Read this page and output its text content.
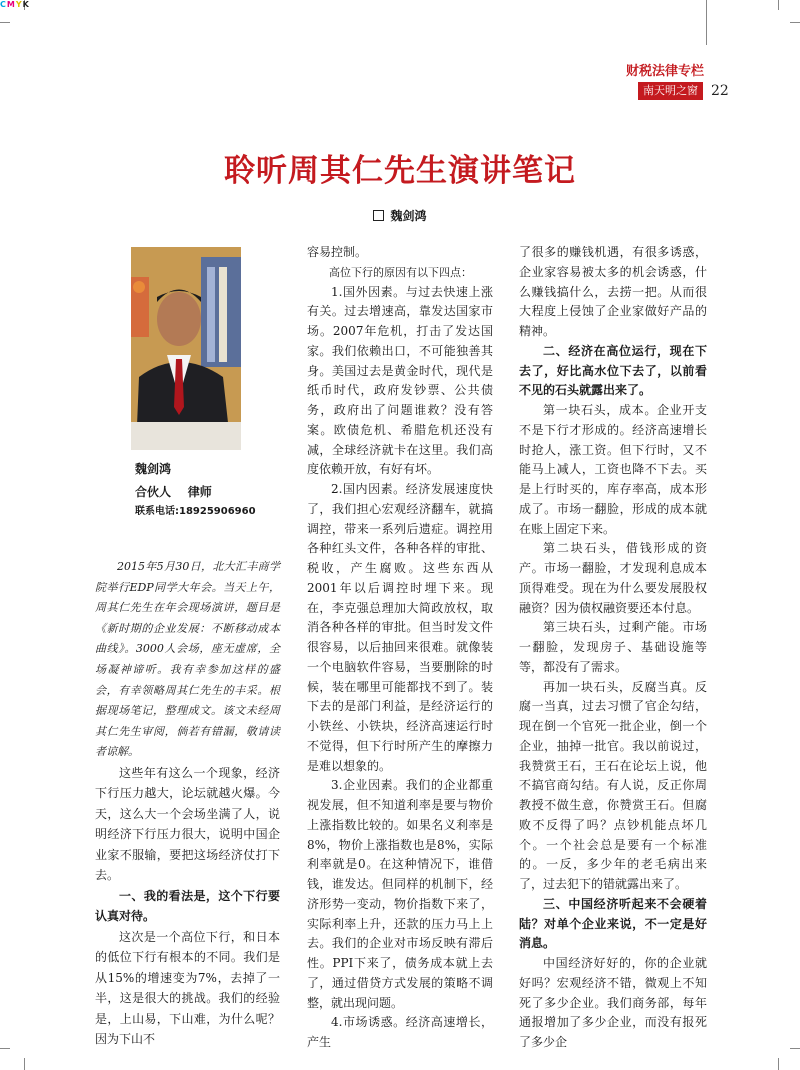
CMYK
财税法律专栏
南天明之窗 22
聆听周其仁先生演讲笔记
魏剑鸿
魏剑鸿
合伙人    律师
联系电话:18925906960

2015年5月30日，北大汇丰商学院举行EDP同学大年会。当天上午，周其仁先生在年会现场演讲，题目是《新时期的企业发展：不断移动成本曲线》。3000人会场，座无虚席，全场凝神谛听。我有幸参加这样的盛会，有幸领略周其仁先生的丰采。根据现场笔记，整理成文。该文未经周其仁先生审阅，倘若有错漏，敬请读者谅解。

这些年有这么一个现象，经济下行压力越大，论坛就越火爆。今天，这么大一个会场坐满了人，说明经济下行压力很大，说明中国企业家不服输，要把这场经济仗打下去。

一、我的看法是，这个下行要认真对待。

这次是一个高位下行，和日本的低位下行有根本的不同。我们是从15%的增速变为7%，去掉了一半，这是很大的挑战。我们的经验是，上山易，下山难，为什么呢？因为下山不

容易控制。

高位下行的原因有以下四点：

1.国外因素。与过去快速上涨有关。过去增速高，靠发达国家市场。2007年危机，打击了发达国家。我们依赖出口，不可能独善其身。美国过去是黄金时代，现代是纸币时代，政府发钞票、公共债务，政府出了问题谁救？没有答案。欧债危机、希腊危机还没有减，全球经济就卡在这里。我们高度依赖开放，有好有坏。

2.国内因素。经济发展速度快了，我们担心宏观经济翻车，就搞调控，带来一系列后遗症。调控用各种红头文件，各种各样的审批、税收，产生腐败。这些东西从2001年以后调控时埋下来。现在，李克强总理加大简政放权，取消各种各样的审批。但当时发文件很容易，以后抽回来很难。就像装一个电脑软件容易，当要删除的时候，装在哪里可能都找不到了。装下去的是部门利益，是经济运行的小铁丝、小铁块，经济高速运行时不觉得，但下行时所产生的摩擦力是难以想象的。

3.企业因素。我们的企业都重视发展，但不知道利率是要与物价上涨指数比较的。如果名义利率是8%，物价上涨指数也是8%，实际利率就是0。在这种情况下，谁借钱，谁发达。但同样的机制下，经济形势一变动，物价指数下来了，实际利率上升，还款的压力马上上去。我们的企业对市场反映有滞后性。PPI下来了，债务成本就上去了，通过借贷方式发展的策略不调整，就出现问题。

4.市场诱惑。经济高速增长，产生

了很多的赚钱机遇，有很多诱惑，企业家容易被太多的机会诱惑，什么赚钱搞什么，去捞一把。从而很大程度上侵蚀了企业家做好产品的精神。

二、经济在高位运行，现在下去了，好比高水位下去了，以前看不见的石头就露出来了。

第一块石头，成本。企业开支不是下行才形成的。经济高速增长时抢人，涨工资。但下行时，又不能马上减人，工资也降不下去。买是上行时买的，库存率高，成本形成了。市场一翻脸，形成的成本就在账上固定下来。

第二块石头，借钱形成的资产。市场一翻脸，才发现利息成本顶得难受。现在为什么要发展股权融资？因为债权融资要还本付息。

第三块石头，过剩产能。市场一翻脸，发现房子、基础设施等等，都没有了需求。

再加一块石头，反腐当真。反腐一当真，过去习惯了官企勾结，现在倒一个官死一批企业，倒一个企业，抽掉一批官。我以前说过，我赞赏王石，王石在论坛上说，他不搞官商勾结。有人说，反正你周教授不做生意，你赞赏王石。但腐败不反得了吗？点钞机能点坏几个。一个社会总是要有一个标准的。一反，多少年的老毛病出来了，过去犯下的错就露出来了。

三、中国经济听起来不会硬着陆？对单个企业来说，不一定是好消息。

中国经济好好的，你的企业就好吗？宏观经济不错，微观上不知死了多少企业。我们商务部，每年通报增加了多少企业，而没有报死了多少企
